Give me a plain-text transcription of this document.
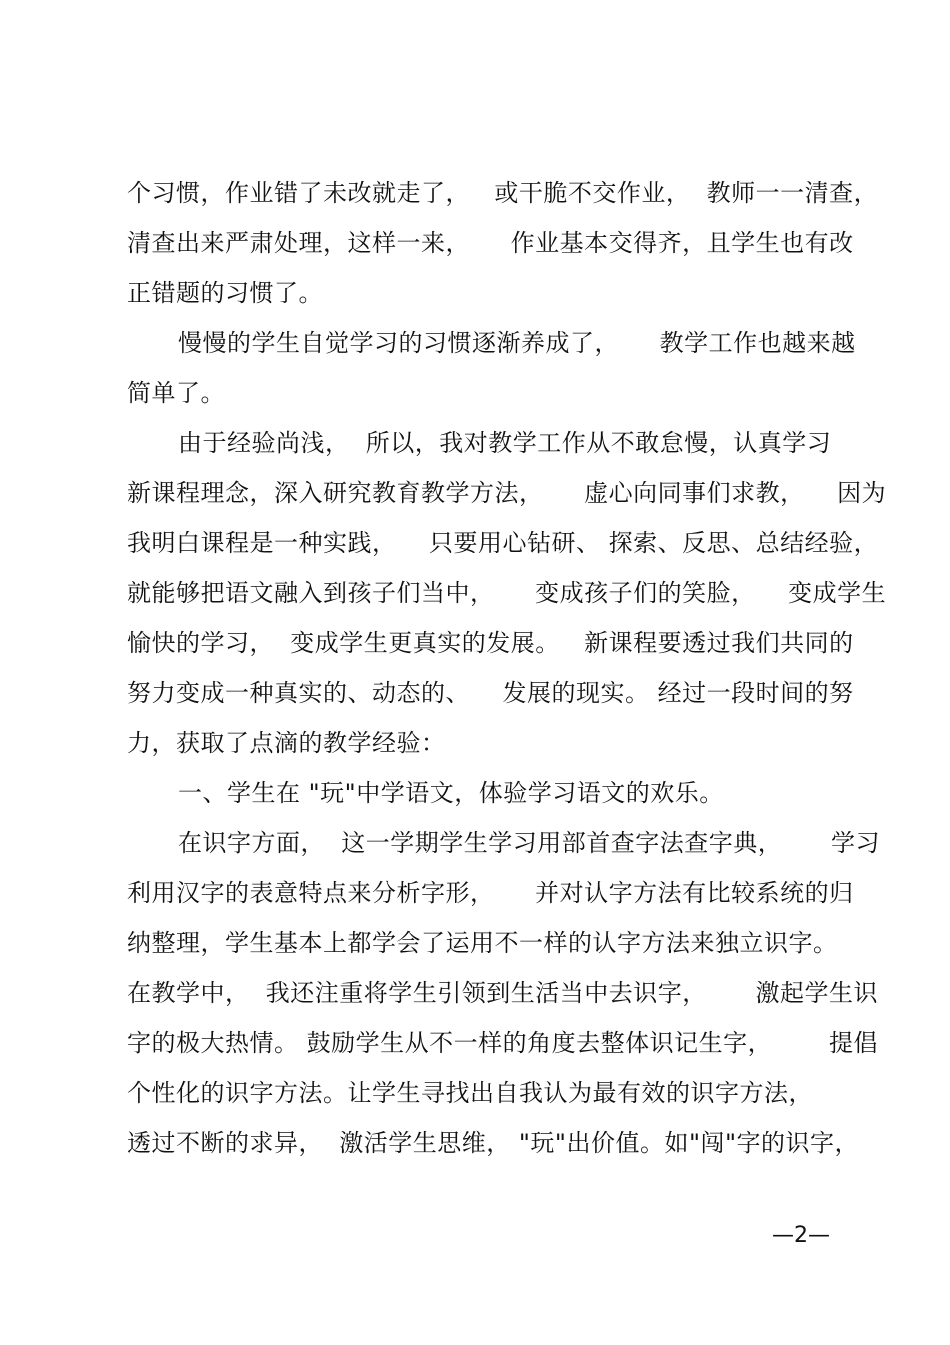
个习惯，作业错了未改就走了，   或干脆不交作业，  教师一一清查，
清查出来严肃处理，这样一来，     作业基本交得齐，且学生也有改
正错题的习惯了。
慢慢的学生自觉学习的习惯逐渐养成了，     教学工作也越来越
简单了。
由于经验尚浅，  所以，我对教学工作从不敢怠慢，认真学习
新课程理念，深入研究教育教学方法，     虚心向同事们求教，    因为
我明白课程是一种实践，    只要用心钻研、 探索、反思、总结经验，
就能够把语文融入到孩子们当中，     变成孩子们的笑脸，    变成学生
愉快的学习，  变成学生更真实的发展。   新课程要透过我们共同的
努力变成一种真实的、动态的、    发展的现实。 经过一段时间的努
力，获取了点滴的教学经验：
一、学生在 "玩"中学语文，体验学习语文的欢乐。
在识字方面，  这一学期学生学习用部首查字法查字典，      学习
利用汉字的表意特点来分析字形，     并对认字方法有比较系统的归
纳整理，学生基本上都学会了运用不一样的认字方法来独立识字。
在教学中，  我还注重将学生引领到生活当中去识字，      激起学生识
字的极大热情。 鼓励学生从不一样的角度去整体识记生字，       提倡
个性化的识字方法。让学生寻找出自我认为最有效的识字方法，
透过不断的求异，  激活学生思维， "玩"出价值。如"闯"字的识字，
—2—
